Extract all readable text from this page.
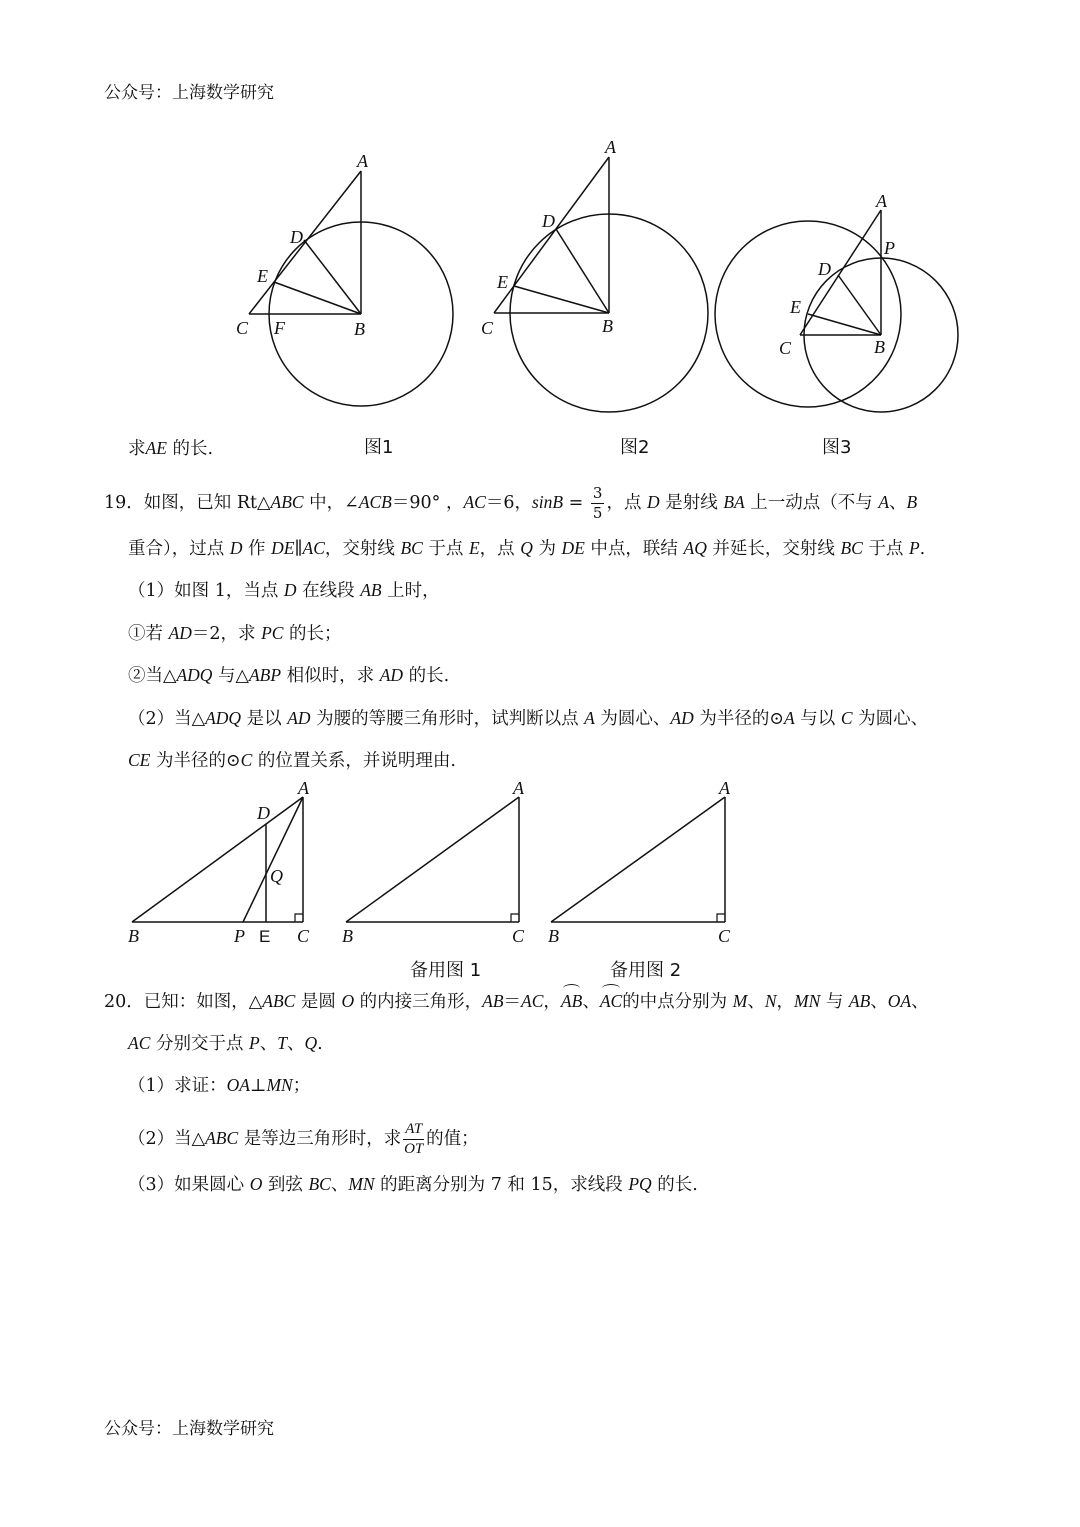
公众号：上海数学研究
A
D
E
C F	B
A
D
E
C	B
A
P
D
E
C	B
求AE 的长.	图1	图2	图3
19．如图，已知 Rt△ABC 中，∠ACB＝90° ，AC＝6，$\sin B = \frac{3}{5}$ ，点 D 是射线 BA 上一动点（不与 A、B
重合），过点 D 作 DE∥AC，交射线 BC 于点 E，点 Q 为 DE 中点，联结 AQ 并延长，交射线 BC 于点 P.
（1）如图 1，当点 D 在线段 AB 上时，
①若 AD＝2，求 PC 的长；
②当△ADQ 与△ABP 相似时，求 AD 的长.
（2）当△ADQ 是以 AD 为腰的等腰三角形时，试判断以点 A 为圆心、AD 为半径的⊙A 与以 C 为圆心、
CE 为半径的⊙C 的位置关系，并说明理由.
A
D
Q
B	P E C
A
B	C
A
B	C
备用图 1	备用图 2
20．已知：如图，△ABC 是圆 O 的内接三角形，AB＝AC，AB、AC的中点分别为 M、N，MN 与 AB、OA、
AC 分别交于点 P、T、Q.
（1）求证：OA⊥MN；
（2）当△ABC 是等边三角形时，求 $\frac{AT}{OT}$ 的值；
（3）如果圆心 O 到弦 BC、MN 的距离分别为 7 和 15，求线段 PQ 的长.
公众号：上海数学研究
